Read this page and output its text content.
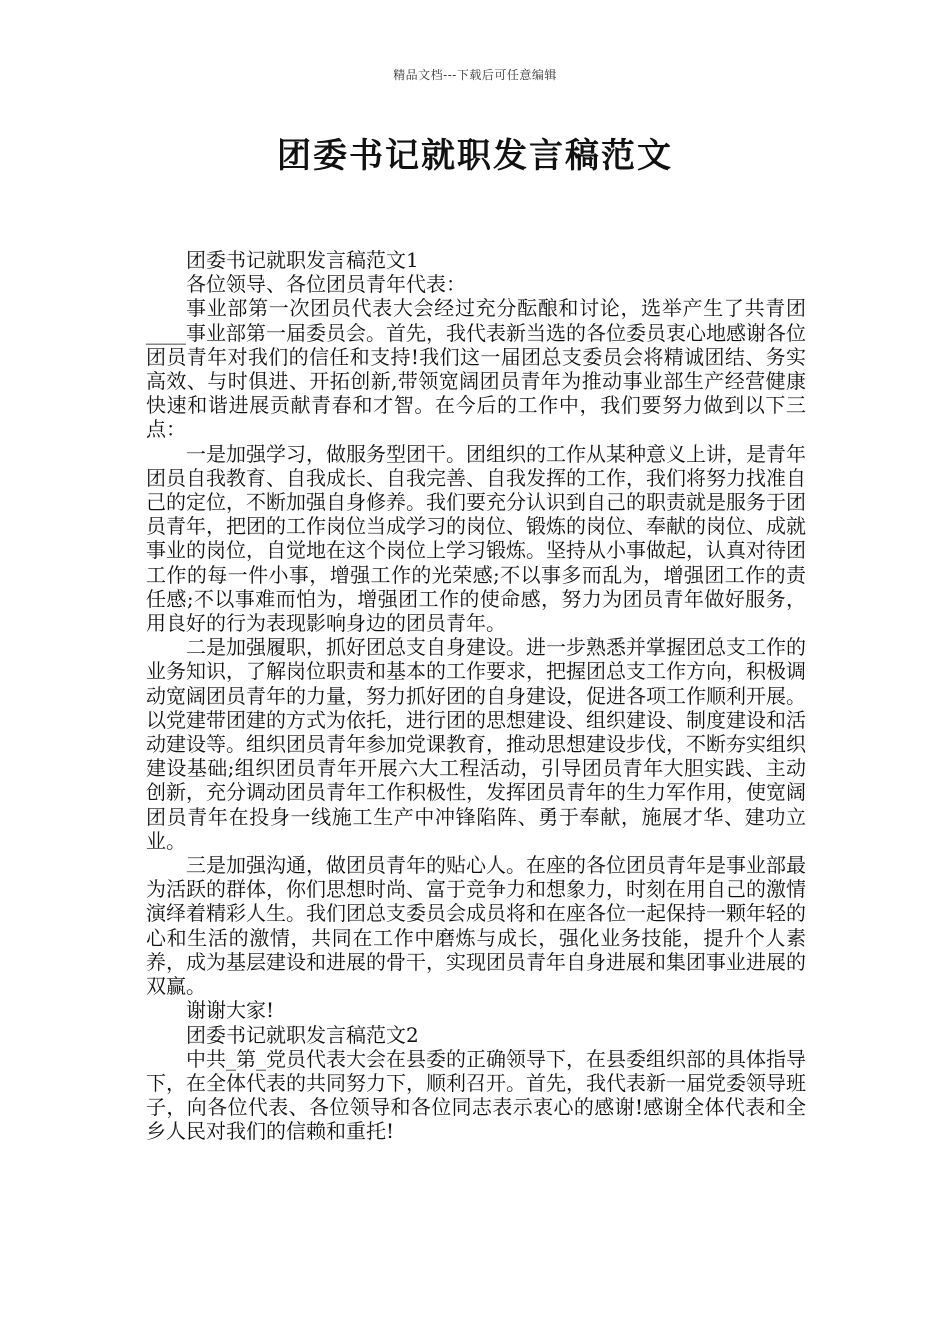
精品文档---下载后可任意编辑
团委书记就职发言稿范文

团委书记就职发言稿范文1

各位领导、各位团员青年代表：

事业部第一次团员代表大会经过充分酝酿和讨论，选举产生了共青团____事业部第一届委员会。首先，我代表新当选的各位委员衷心地感谢各位团员青年对我们的信任和支持!我们这一届团总支委员会将精诚团结、务实高效、与时俱进、开拓创新,带领宽阔团员青年为推动事业部生产经营健康快速和谐进展贡献青春和才智。在今后的工作中，我们要努力做到以下三点：

一是加强学习，做服务型团干。团组织的工作从某种意义上讲，是青年团员自我教育、自我成长、自我完善、自我发挥的工作，我们将努力找准自己的定位，不断加强自身修养。我们要充分认识到自己的职责就是服务于团员青年，把团的工作岗位当成学习的岗位、锻炼的岗位、奉献的岗位、成就事业的岗位，自觉地在这个岗位上学习锻炼。坚持从小事做起，认真对待团工作的每一件小事，增强工作的光荣感;不以事多而乱为，增强团工作的责任感;不以事难而怕为，增强团工作的使命感，努力为团员青年做好服务，用良好的行为表现影响身边的团员青年。

二是加强履职，抓好团总支自身建设。进一步熟悉并掌握团总支工作的业务知识，了解岗位职责和基本的工作要求，把握团总支工作方向，积极调动宽阔团员青年的力量，努力抓好团的自身建设，促进各项工作顺利开展。以党建带团建的方式为依托，进行团的思想建设、组织建设、制度建设和活动建设等。组织团员青年参加党课教育，推动思想建设步伐，不断夯实组织建设基础;组织团员青年开展六大工程活动，引导团员青年大胆实践、主动创新，充分调动团员青年工作积极性，发挥团员青年的生力军作用，使宽阔团员青年在投身一线施工生产中冲锋陷阵、勇于奉献，施展才华、建功立业。

三是加强沟通，做团员青年的贴心人。在座的各位团员青年是事业部最为活跃的群体，你们思想时尚、富于竞争力和想象力，时刻在用自己的激情演绎着精彩人生。我们团总支委员会成员将和在座各位一起保持一颗年轻的心和生活的激情，共同在工作中磨炼与成长，强化业务技能，提升个人素养，成为基层建设和进展的骨干，实现团员青年自身进展和集团事业进展的双赢。

谢谢大家!

团委书记就职发言稿范文2

中共_第_党员代表大会在县委的正确领导下，在县委组织部的具体指导下，在全体代表的共同努力下，顺利召开。首先，我代表新一届党委领导班子，向各位代表、各位领导和各位同志表示衷心的感谢!感谢全体代表和全乡人民对我们的信赖和重托!
